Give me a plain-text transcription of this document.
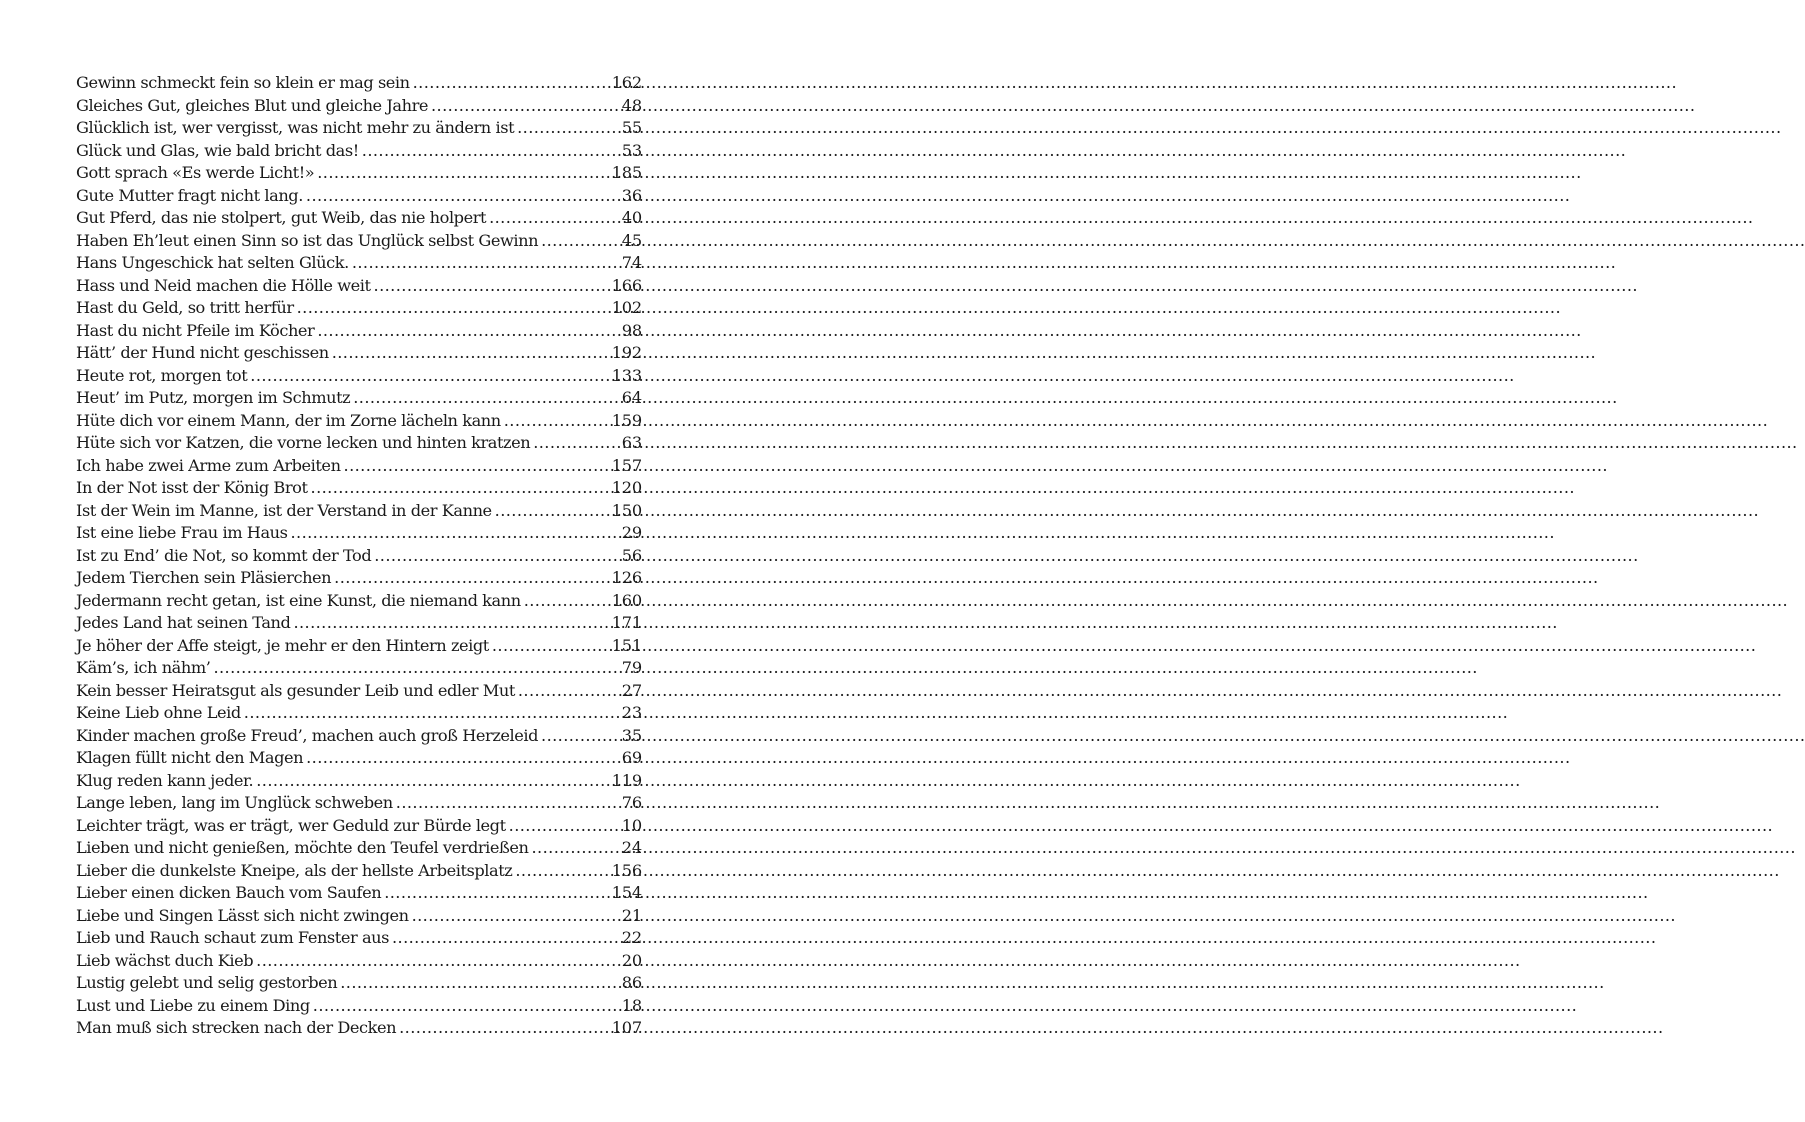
Gewinn schmeckt fein so klein er mag sein .....	162
Gleiches Gut, gleiches Blut und gleiche Jahre .....	48
Glücklich ist, wer vergisst, was nicht mehr zu ändern ist .....	55
Glück und Glas, wie bald bricht das! .....	53
Gott sprach «Es werde Licht!» .....	185
Gute Mutter fragt nicht lang. .....	36
Gut Pferd, das nie stolpert, gut Weib, das nie holpert .....	40
Haben Eh’leut einen Sinn so ist das Unglück selbst Gewinn .....	45
Hans Ungeschick hat selten Glück. .....	74
Hass und Neid machen die Hölle weit .....	166
Hast du Geld, so tritt herfür .....	102
Hast du nicht Pfeile im Köcher .....	98
Hätt’ der Hund nicht geschissen .....	192
Heute rot, morgen tot .....	133
Heut’ im Putz, morgen im Schmutz .....	64
Hüte dich vor einem Mann, der im Zorne lächeln kann .....	159
Hüte sich vor Katzen, die vorne lecken und hinten kratzen .....	63
Ich habe zwei Arme zum Arbeiten .....	157
In der Not isst der König Brot .....	120
Ist der Wein im Manne, ist der Verstand in der Kanne .....	150
Ist eine liebe Frau im Haus .....	29
Ist zu End’ die Not, so kommt der Tod .....	56
Jedem Tierchen sein Pläsierchen .....	126
Jedermann recht getan, ist eine Kunst, die niemand kann .....	160
Jedes Land hat seinen Tand .....	171
Je höher der Affe steigt, je mehr er den Hintern zeigt .....	151
Käm’s, ich nähm’ .....	79
Kein besser Heiratsgut als gesunder Leib und edler Mut .....	27
Keine Lieb ohne Leid .....	23
Kinder machen große Freud’, machen auch groß Herzeleid .....	35
Klagen füllt nicht den Magen .....	69
Klug reden kann jeder. .....	119
Lange leben, lang im Unglück schweben .....	76
Leichter trägt, was er trägt, wer Geduld zur Bürde legt .....	10
Lieben und nicht genießen, möchte den Teufel verdrießen .....	24
Lieber die dunkelste Kneipe, als der hellste Arbeitsplatz .....	156
Lieber einen dicken Bauch vom Saufen .....	154
Liebe und Singen Lässt sich nicht zwingen .....	21
Lieb und Rauch schaut zum Fenster aus .....	22
Lieb wächst duch Kieb .....	20
Lustig gelebt und selig gestorben .....	86
Lust und Liebe zu einem Ding .....	18
Man muß sich strecken nach der Decken .....	107
